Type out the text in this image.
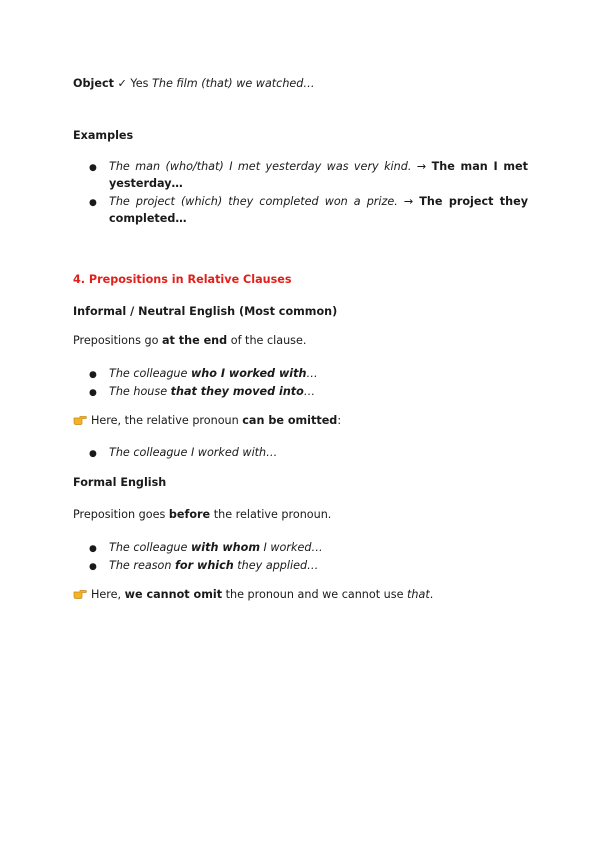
Object ✓ Yes The film (that) we watched…
Examples
● The man (who/that) I met yesterday was very kind. → The man I met yesterday…
● The project (which) they completed won a prize. → The project they completed…
4. Prepositions in Relative Clauses
Informal / Neutral English (Most common)
Prepositions go at the end of the clause.
● The colleague who I worked with…
● The house that they moved into…
Here, the relative pronoun can be omitted:
● The colleague I worked with…
Formal English
Preposition goes before the relative pronoun.
● The colleague with whom I worked…
● The reason for which they applied…
Here, we cannot omit the pronoun and we cannot use that.
